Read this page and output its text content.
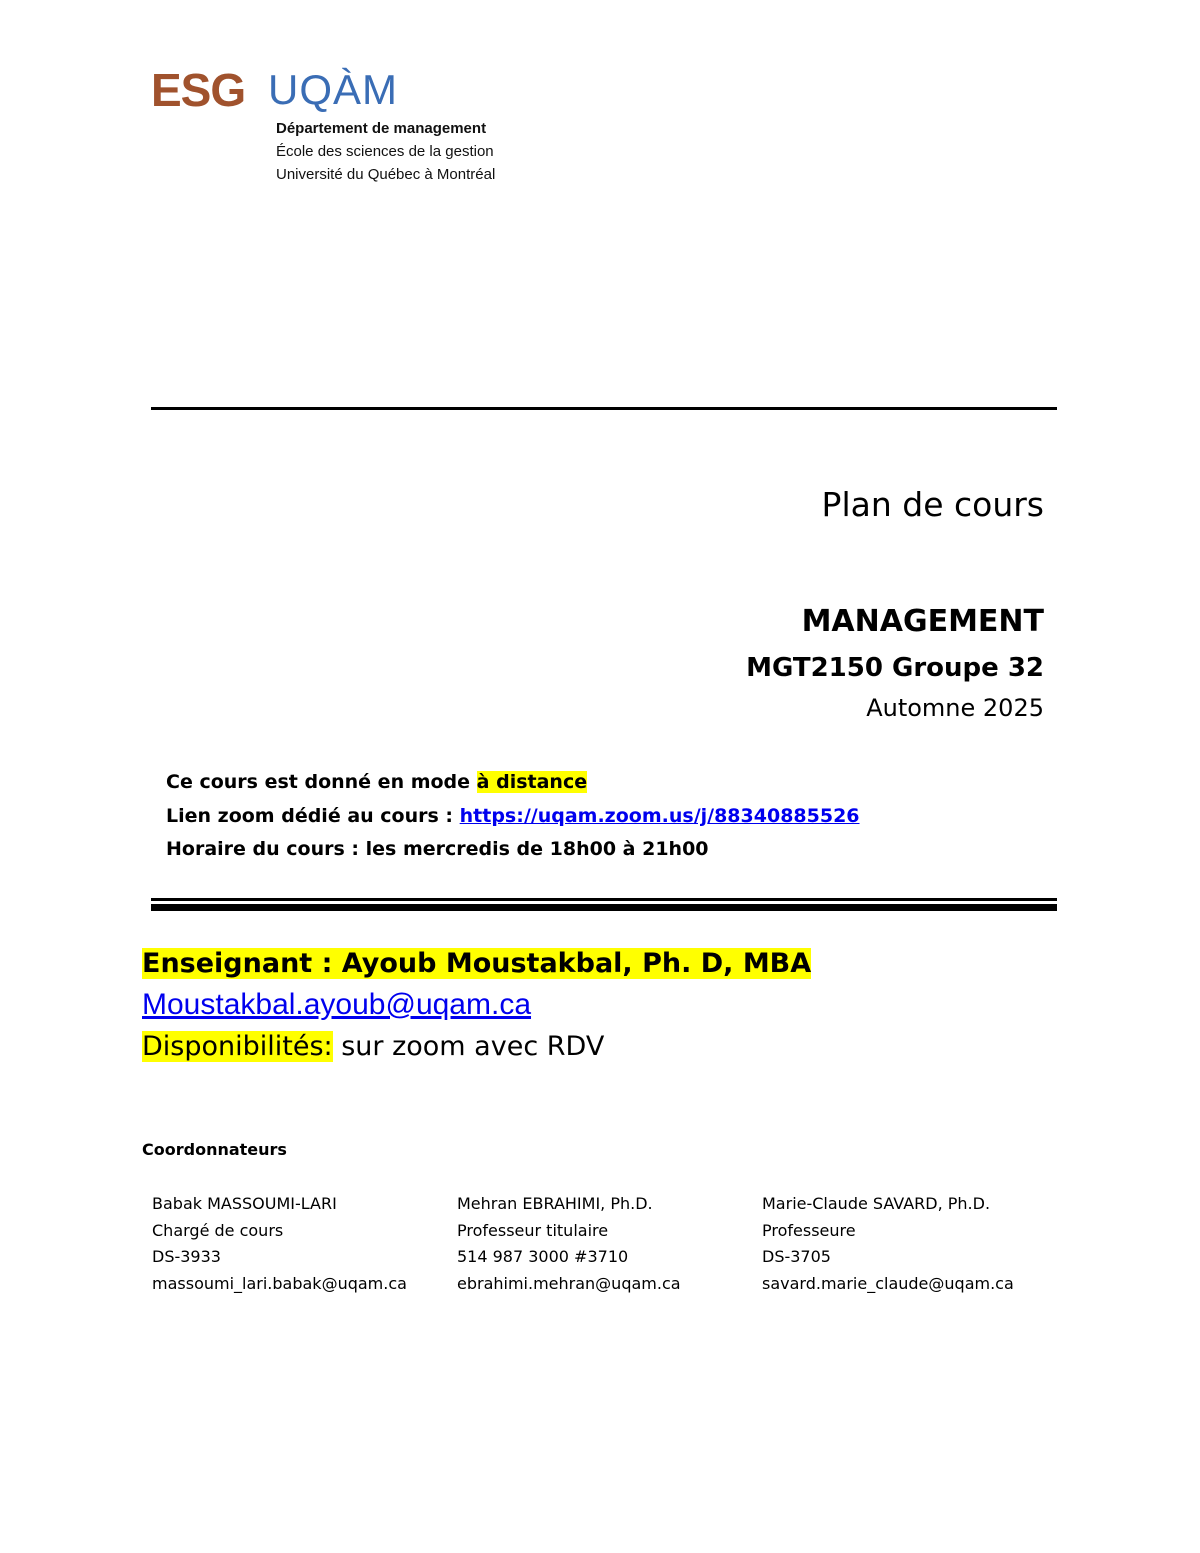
ESG UQÀM
Département de management
École des sciences de la gestion
Université du Québec à Montréal
Plan de cours
MANAGEMENT
MGT2150 Groupe 32
Automne 2025
Ce cours est donné en mode à distance
Lien zoom dédié au cours : https://uqam.zoom.us/j/88340885526
Horaire du cours : les mercredis de 18h00 à 21h00
Enseignant : Ayoub Moustakbal, Ph. D, MBA
Moustakbal.ayoub@uqam.ca
Disponibilités: sur zoom avec RDV
Coordonnateurs
Babak MASSOUMI-LARI
Chargé de cours
DS-3933
massoumi_lari.babak@uqam.ca
Mehran EBRAHIMI, Ph.D.
Professeur titulaire
514 987 3000 #3710
ebrahimi.mehran@uqam.ca
Marie-Claude SAVARD, Ph.D.
Professeure
DS-3705
savard.marie_claude@uqam.ca
